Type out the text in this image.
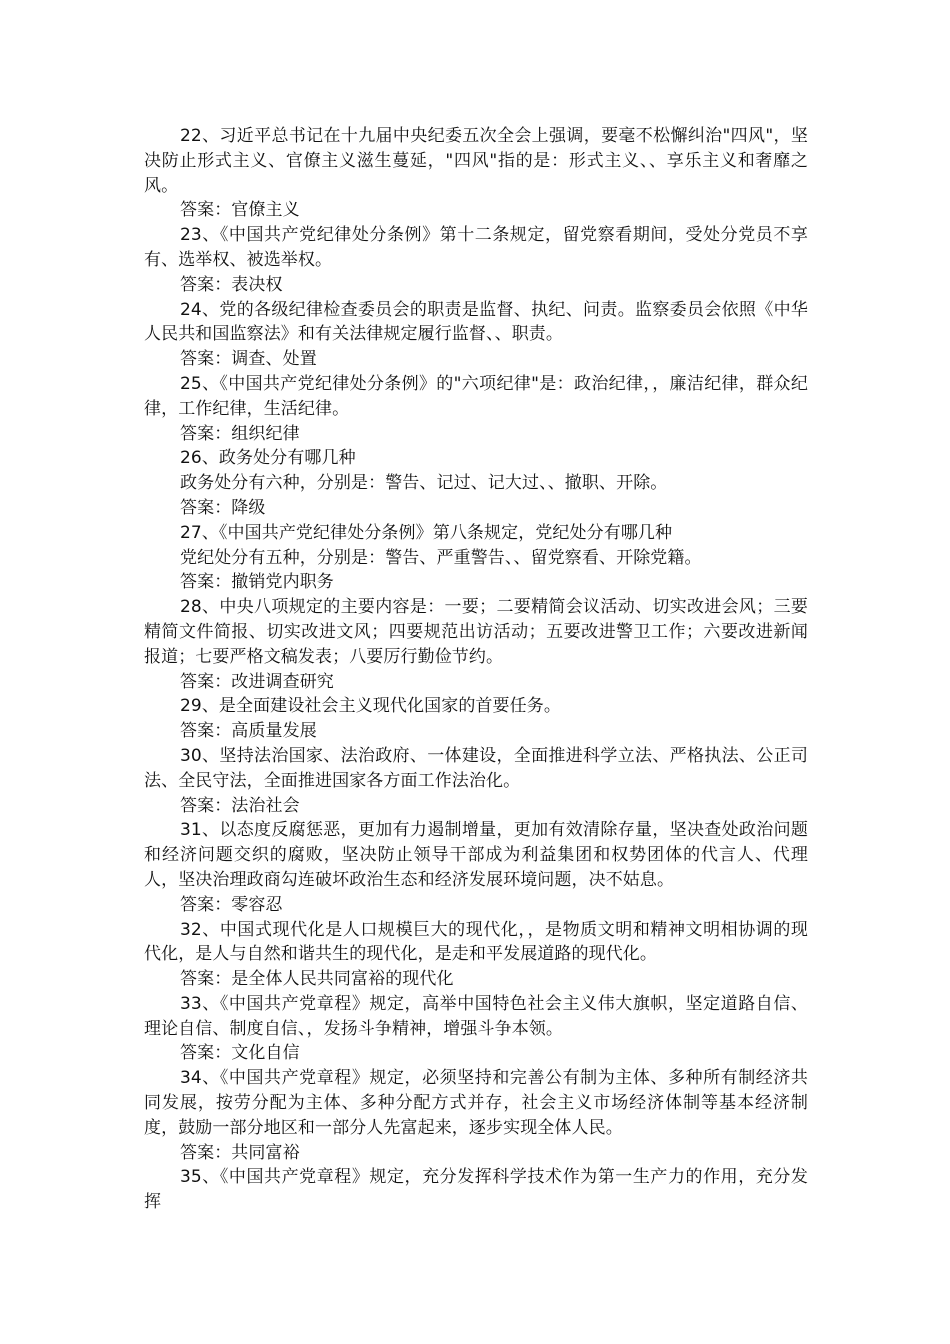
22、习近平总书记在十九届中央纪委五次全会上强调，要毫不松懈纠治"四风"，坚决防止形式主义、官僚主义滋生蔓延，"四风"指的是：形式主义、、享乐主义和奢靡之风。

答案：官僚主义

23、《中国共产党纪律处分条例》第十二条规定，留党察看期间，受处分党员不享有、选举权、被选举权。

答案：表决权

24、党的各级纪律检查委员会的职责是监督、执纪、问责。监察委员会依照《中华人民共和国监察法》和有关法律规定履行监督、、职责。

答案：调查、处置

25、《中国共产党纪律处分条例》的"六项纪律"是：政治纪律，，廉洁纪律，群众纪律，工作纪律，生活纪律。

答案：组织纪律

26、政务处分有哪几种

政务处分有六种，分别是：警告、记过、记大过、、撤职、开除。

答案：降级

27、《中国共产党纪律处分条例》第八条规定，党纪处分有哪几种

党纪处分有五种，分别是：警告、严重警告、、留党察看、开除党籍。

答案：撤销党内职务

28、中央八项规定的主要内容是：一要；二要精简会议活动、切实改进会风；三要精简文件简报、切实改进文风；四要规范出访活动；五要改进警卫工作；六要改进新闻报道；七要严格文稿发表；八要厉行勤俭节约。

答案：改进调查研究

29、是全面建设社会主义现代化国家的首要任务。

答案：高质量发展

30、坚持法治国家、法治政府、一体建设，全面推进科学立法、严格执法、公正司法、全民守法，全面推进国家各方面工作法治化。

答案：法治社会

31、以态度反腐惩恶，更加有力遏制增量，更加有效清除存量，坚决查处政治问题和经济问题交织的腐败，坚决防止领导干部成为利益集团和权势团体的代言人、代理人，坚决治理政商勾连破坏政治生态和经济发展环境问题，决不姑息。

答案：零容忍

32、中国式现代化是人口规模巨大的现代化，，是物质文明和精神文明相协调的现代化，是人与自然和谐共生的现代化，是走和平发展道路的现代化。

答案：是全体人民共同富裕的现代化

33、《中国共产党章程》规定，高举中国特色社会主义伟大旗帜，坚定道路自信、理论自信、制度自信、，发扬斗争精神，增强斗争本领。

答案：文化自信

34、《中国共产党章程》规定，必须坚持和完善公有制为主体、多种所有制经济共同发展，按劳分配为主体、多种分配方式并存，社会主义市场经济体制等基本经济制度，鼓励一部分地区和一部分人先富起来，逐步实现全体人民。

答案：共同富裕

35、《中国共产党章程》规定，充分发挥科学技术作为第一生产力的作用，充分发挥
